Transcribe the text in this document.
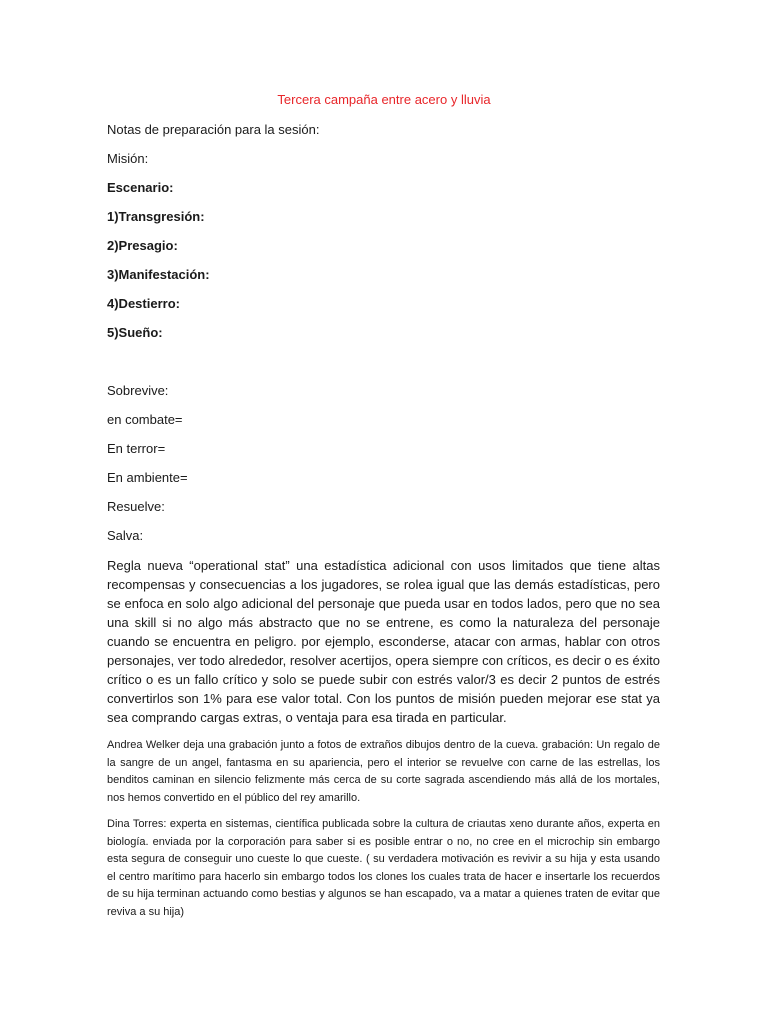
Tercera campaña entre acero y lluvia
Notas de preparación para la sesión:
Misión:
Escenario:
1)Transgresión:
2)Presagio:
3)Manifestación:
4)Destierro:
5)Sueño:
Sobrevive:
en combate=
En terror=
En ambiente=
Resuelve:
Salva:

Regla nueva “operational stat” una estadística adicional con usos limitados que tiene altas recompensas y consecuencias a los jugadores, se rolea igual que las demás estadísticas, pero se enfoca en solo algo adicional del personaje que pueda usar en todos lados, pero que no sea una skill si no algo más abstracto que no se entrene, es como la naturaleza del personaje cuando se encuentra en peligro. por ejemplo, esconderse, atacar con armas, hablar con otros personajes, ver todo alrededor, resolver acertijos, opera siempre con críticos, es decir o es éxito crítico o es un fallo crítico y solo se puede subir con estrés valor/3 es decir 2 puntos de estrés convertirlos son 1% para ese valor total. Con los puntos de misión pueden mejorar ese stat ya sea comprando cargas extras, o ventaja para esa tirada en particular.

Andrea Welker deja una grabación junto a fotos de extraños dibujos dentro de la cueva. grabación: Un regalo de la sangre de un angel, fantasma en su apariencia, pero el interior se revuelve con carne de las estrellas, los benditos caminan en silencio felizmente más cerca de su corte sagrada ascendiendo más allá de los mortales, nos hemos convertido en el público del rey amarillo.

Dina Torres: experta en sistemas, científica publicada sobre la cultura de criautas xeno durante años, experta en biología. enviada por la corporación para saber si es posible entrar o no, no cree en el microchip sin embargo esta segura de conseguir uno cueste lo que cueste. ( su verdadera motivación es revivir a su hija y esta usando el centro marítimo para hacerlo sin embargo todos los clones los cuales trata de hacer e insertarle los recuerdos de su hija terminan actuando como bestias y algunos se han escapado, va a matar a quienes traten de evitar que reviva a su hija)
